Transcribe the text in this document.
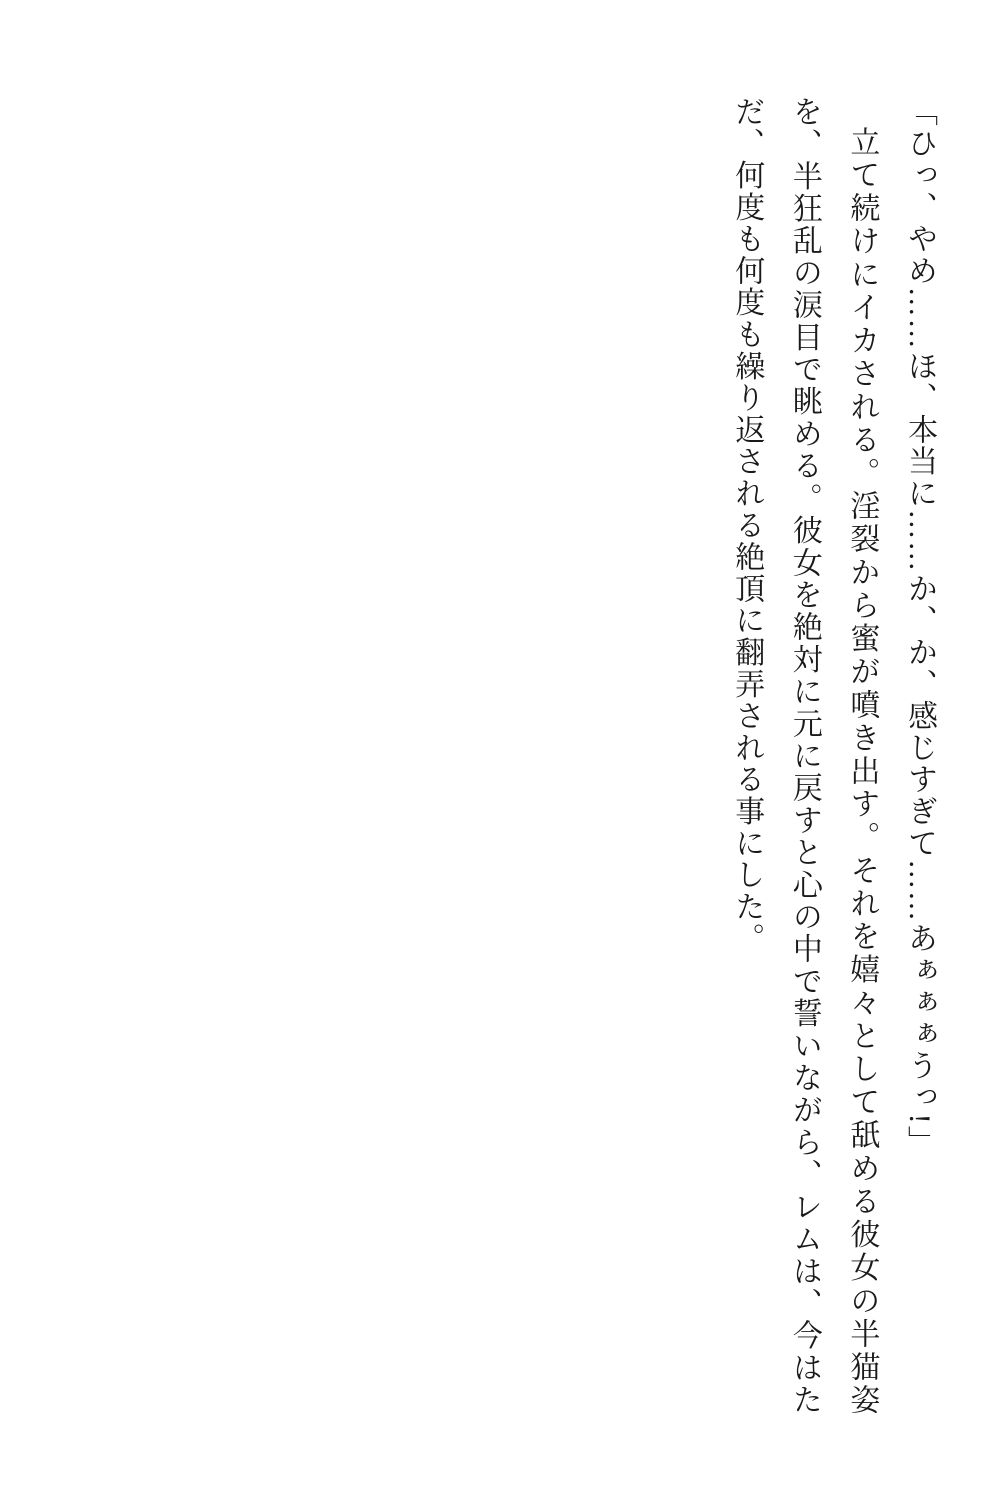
「ひっ、やめ……ほ、本当に……か、か、感じすぎて……あぁぁぁうっ!」

立て続けにイカされる。淫裂から蜜が噴き出す。それを嬉々として舐める彼女の半猫姿を、半狂乱の涙目で眺める。彼女を絶対に元に戻すと心の中で誓いながら、レムは、今はただ、何度も何度も繰り返される絶頂に翻弄される事にした。
